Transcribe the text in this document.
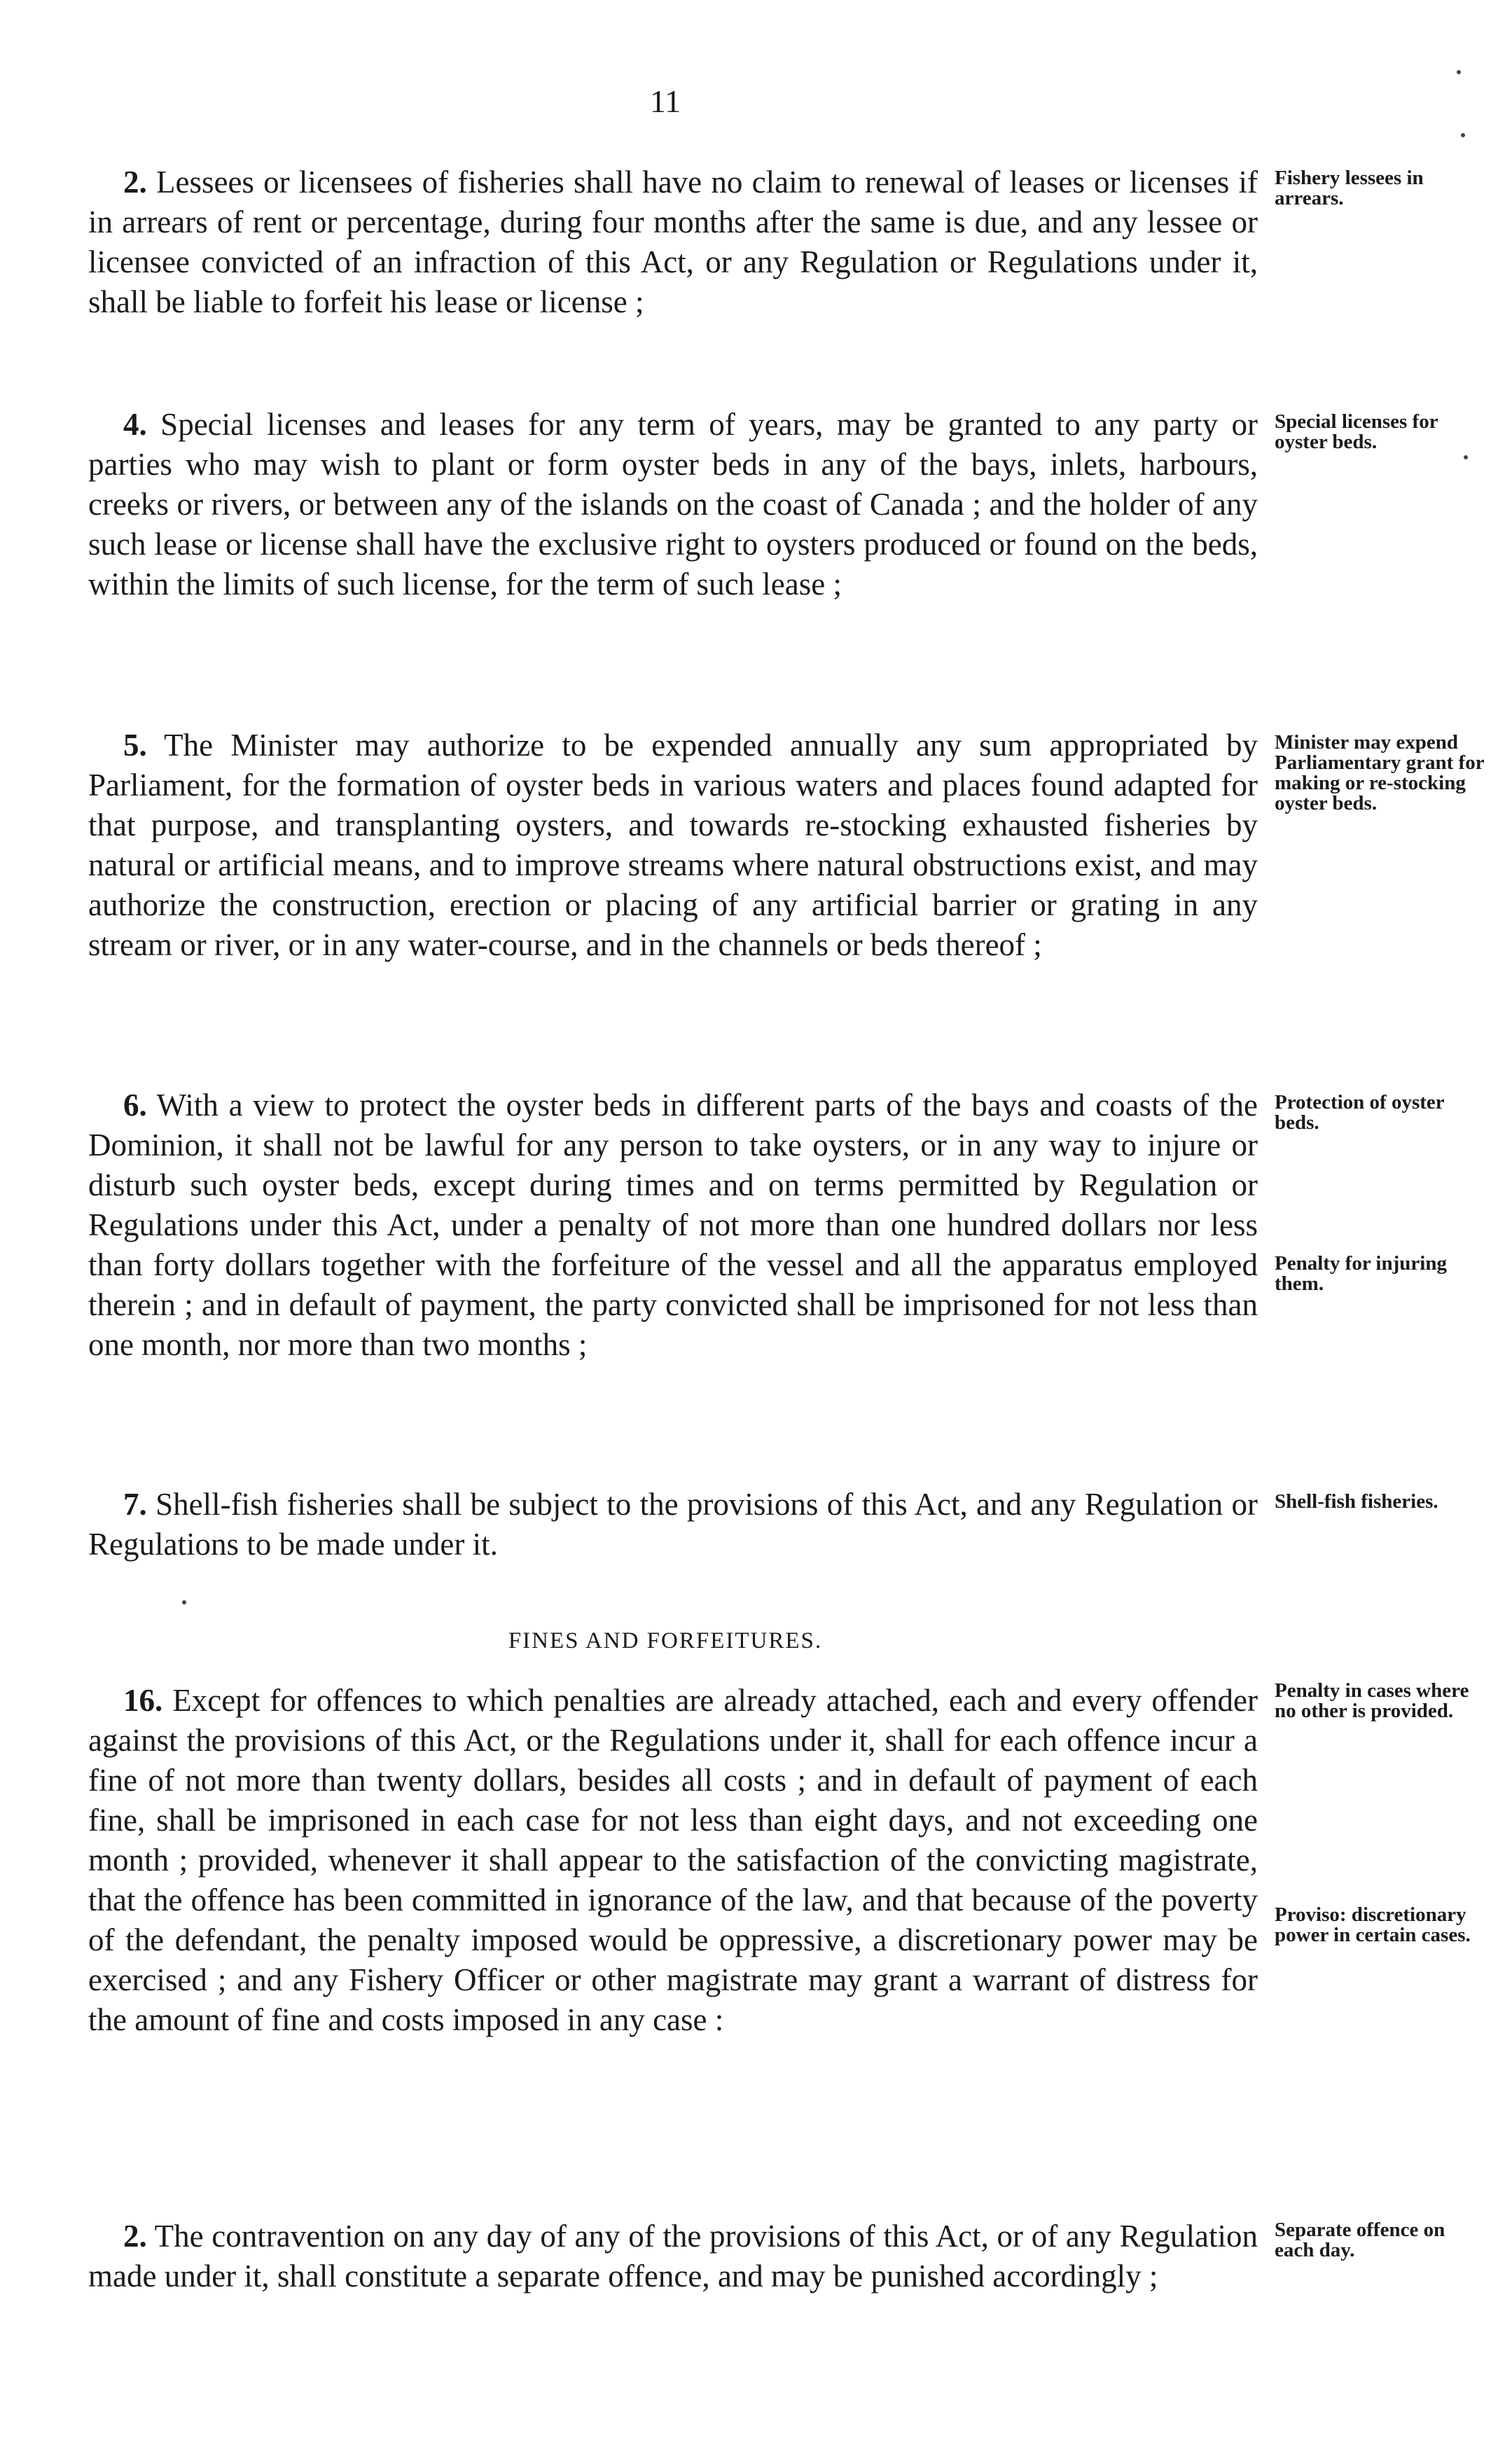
11

2. Lessees or licensees of fisheries shall have no claim to renewal of leases or licenses if in arrears of rent or percentage, during four months after the same is due, and any lessee or licensee convicted of an infraction of this Act, or any Regulation or Regulations under it, shall be liable to forfeit his lease or license ;

Fishery lessees in arrears.

4. Special licenses and leases for any term of years, may be granted to any party or parties who may wish to plant or form oyster beds in any of the bays, inlets, harbours, creeks or rivers, or between any of the islands on the coast of Canada ; and the holder of any such lease or license shall have the exclusive right to oysters produced or found on the beds, within the limits of such license, for the term of such lease ;

Special licenses for oyster beds.

5. The Minister may authorize to be expended annually any sum appropriated by Parliament, for the formation of oyster beds in various waters and places found adapted for that purpose, and transplanting oysters, and towards re-stocking exhausted fisheries by natural or artificial means, and to improve streams where natural obstructions exist, and may authorize the construction, erection or placing of any artificial barrier or grating in any stream or river, or in any water-course, and in the channels or beds thereof ;

Minister may expend Parliamentary grant for making or re-stocking oyster beds.

6. With a view to protect the oyster beds in different parts of the bays and coasts of the Dominion, it shall not be lawful for any person to take oysters, or in any way to injure or disturb such oyster beds, except during times and on terms permitted by Regulation or Regulations under this Act, under a penalty of not more than one hundred dollars nor less than forty dollars together with the forfeiture of the vessel and all the apparatus employed therein ; and in default of payment, the party convicted shall be imprisoned for not less than one month, nor more than two months ;

Protection of oyster beds.
Penalty for injuring them.

7. Shell-fish fisheries shall be subject to the provisions of this Act, and any Regulation or Regulations to be made under it.

Shell-fish fisheries.
FINES AND FORFEITURES.

16. Except for offences to which penalties are already attached, each and every offender against the provisions of this Act, or the Regulations under it, shall for each offence incur a fine of not more than twenty dollars, besides all costs ; and in default of payment of each fine, shall be imprisoned in each case for not less than eight days, and not exceeding one month ; provided, whenever it shall appear to the satisfaction of the convicting magistrate, that the offence has been committed in ignorance of the law, and that because of the poverty of the defendant, the penalty imposed would be oppressive, a discretionary power may be exercised ; and any Fishery Officer or other magistrate may grant a warrant of distress for the amount of fine and costs imposed in any case :

Penalty in cases where no other is provided.
Proviso: discretionary power in certain cases.

2. The contravention on any day of any of the provisions of this Act, or of any Regulation made under it, shall constitute a separate offence, and may be punished accordingly ;

Separate offence on each day.
